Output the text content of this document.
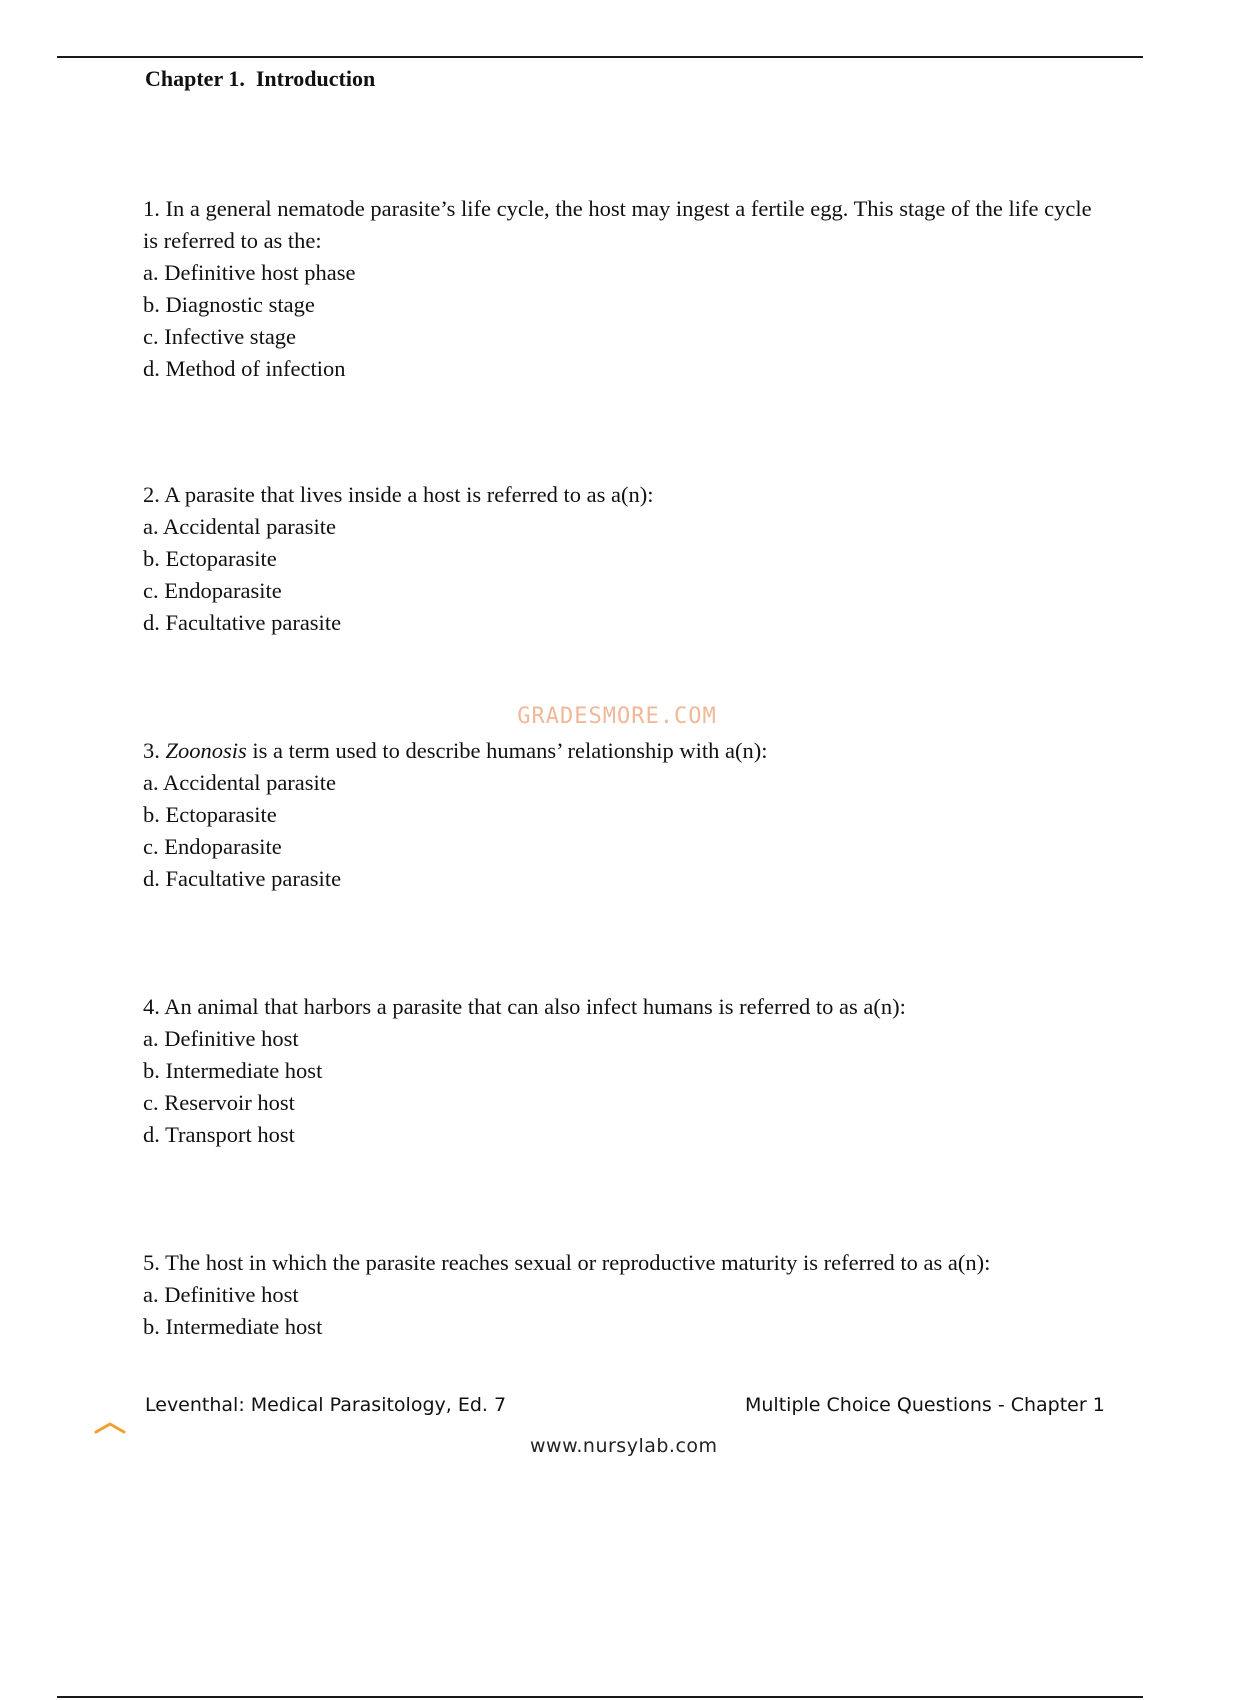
Chapter 1.  Introduction

1. In a general nematode parasite’s life cycle, the host may ingest a fertile egg. This stage of the life cycle is referred to as the:

a. Definitive host phase
b. Diagnostic stage
c. Infective stage
d. Method of infection

2. A parasite that lives inside a host is referred to as a(n):

a. Accidental parasite
b. Ectoparasite
c. Endoparasite
d. Facultative parasite
GRADESMORE.COM

3. Zoonosis is a term used to describe humans’ relationship with a(n):

a. Accidental parasite
b. Ectoparasite
c. Endoparasite
d. Facultative parasite

4. An animal that harbors a parasite that can also infect humans is referred to as a(n):

a. Definitive host
b. Intermediate host
c. Reservoir host
d. Transport host

5. The host in which the parasite reaches sexual or reproductive maturity is referred to as a(n):

a. Definitive host
b. Intermediate host
Leventhal: Medical Parasitology, Ed. 7	Multiple Choice Questions - Chapter 1
www.nursylab.com
